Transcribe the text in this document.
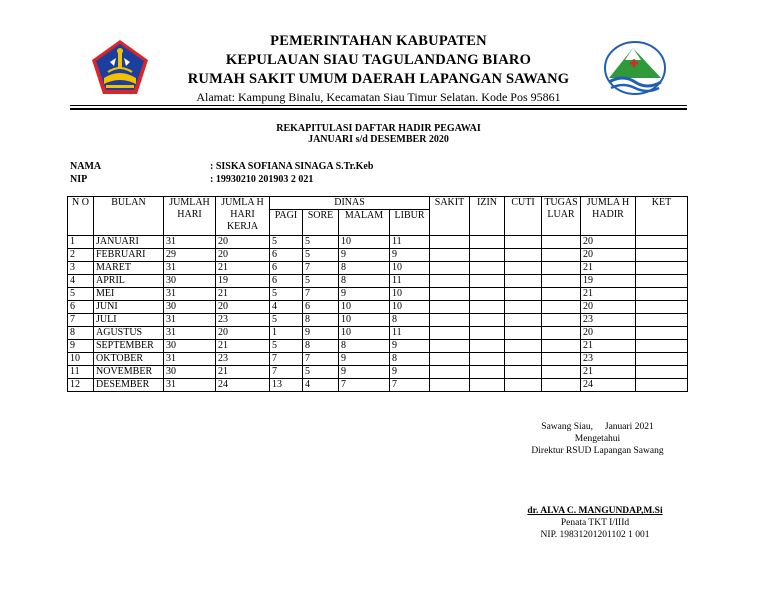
PEMERINTAHAN KABUPATEN
KEPULAUAN SIAU TAGULANDANG BIARO
RUMAH SAKIT UMUM DAERAH LAPANGAN SAWANG
Alamat: Kampung Binalu, Kecamatan Siau Timur Selatan. Kode Pos 95861
REKAPITULASI DAFTAR HADIR PEGAWAI
JANUARI s/d DESEMBER 2020
NAMA	: SISKA SOFIANA SINAGA S.Tr.Keb
NIP	: 19930210 201903 2 021
N O	BULAN	JUMLAH HARI	JUMLA H HARI KERJA	DINAS				SAKIT	IZIN	CUTI	TUGAS LUAR	JUMLA H HADIR	KET
				PAGI	SORE	MALAM	LIBUR						
1	JANUARI	31	20	5	5	10	11					20	
2	FEBRUARI	29	20	6	5	9	9					20	
3	MARET	31	21	6	7	8	10					21	
4	APRIL	30	19	6	5	8	11					19	
5	MEI	31	21	5	7	9	10					21	
6	JUNI	30	20	4	6	10	10					20	
7	JULI	31	23	5	8	10	8					23	
8	AGUSTUS	31	20	1	9	10	11					20	
9	SEPTEMBER	30	21	5	8	8	9					21	
10	OKTOBER	31	23	7	7	9	8					23	
11	NOVEMBER	30	21	7	5	9	9					21	
12	DESEMBER	31	24	13	4	7	7					24	
Sawang Siau,     Januari 2021
Mengetahui
Direktur RSUD Lapangan Sawang
dr. ALVA C. MANGUNDAP,M.Si
Penata TKT I/IIId
NIP. 19831201201102 1 001
